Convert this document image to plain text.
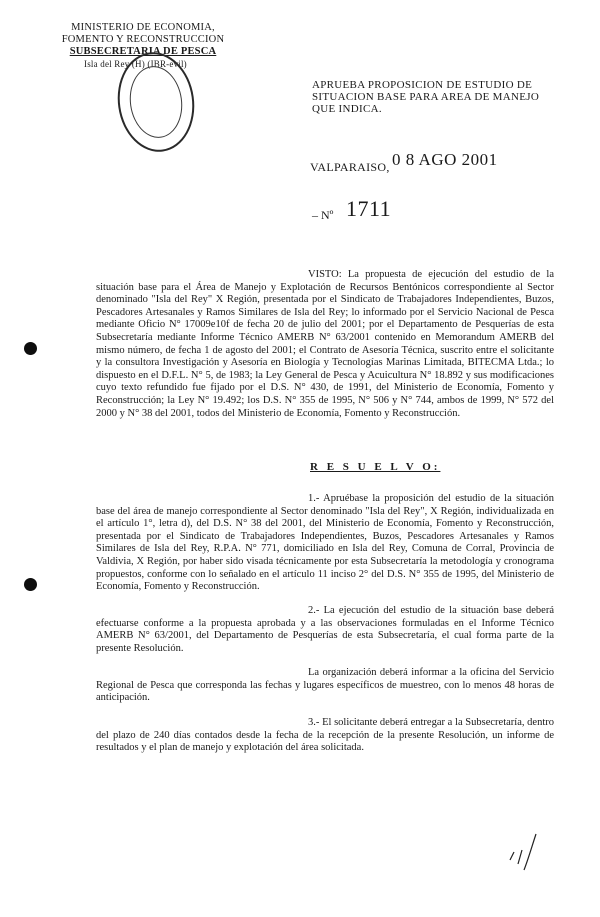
MINISTERIO DE ECONOMIA,
FOMENTO Y RECONSTRUCCION
SUBSECRETARIA DE PESCA
Isla del Rey (H) (IBR-evil)
APRUEBA PROPOSICION DE ESTUDIO DE SITUACION BASE PARA AREA DE MANEJO QUE INDICA.
VALPARAISO, 0 8 AGO 2001
– Nº 1711
VISTO: La propuesta de ejecución del estudio de la situación base para el Área de Manejo y Explotación de Recursos Bentónicos correspondiente al Sector denominado "Isla del Rey" X Región, presentada por el Sindicato de Trabajadores Independientes, Buzos, Pescadores Artesanales y Ramos Similares de Isla del Rey; lo informado por el Servicio Nacional de Pesca mediante Oficio N° 17009e10f de fecha 20 de julio del 2001; por el Departamento de Pesquerías de esta Subsecretaría mediante Informe Técnico AMERB N° 63/2001 contenido en Memorandum AMERB del mismo número, de fecha 1 de agosto del 2001; el Contrato de Asesoría Técnica, suscrito entre el solicitante y la consultora Investigación y Asesoría en Biología y Tecnologías Marinas Limitada, BITECMA Ltda.; lo dispuesto en el D.F.L. N° 5, de 1983; la Ley General de Pesca y Acuicultura N° 18.892 y sus modificaciones cuyo texto refundido fue fijado por el D.S. N° 430, de 1991, del Ministerio de Economía, Fomento y Reconstrucción; la Ley N° 19.492; los D.S. N° 355 de 1995, N° 506 y N° 744, ambos de 1999, N° 572 del 2000 y N° 38 del 2001, todos del Ministerio de Economía, Fomento y Reconstrucción.
R E S U E L V O:
1.- Apruébase la proposición del estudio de la situación base del área de manejo correspondiente al Sector denominado "Isla del Rey", X Región, individualizada en el artículo 1°, letra d), del D.S. N° 38 del 2001, del Ministerio de Economía, Fomento y Reconstrucción, presentada por el Sindicato de Trabajadores Independientes, Buzos, Pescadores Artesanales y Ramos Similares de Isla del Rey, R.P.A. N° 771, domiciliado en Isla del Rey, Comuna de Corral, Provincia de Valdivia, X Región, por haber sido visada técnicamente por esta Subsecretaría la metodología y cronograma propuestos, conforme con lo señalado en el artículo 11 inciso 2° del D.S. N° 355 de 1995, del Ministerio de Economía, Fomento y Reconstrucción.
2.- La ejecución del estudio de la situación base deberá efectuarse conforme a la propuesta aprobada y a las observaciones formuladas en el Informe Técnico AMERB N° 63/2001, del Departamento de Pesquerías de esta Subsecretaría, el cual forma parte de la presente Resolución.
La organización deberá informar a la oficina del Servicio Regional de Pesca que corresponda las fechas y lugares específicos de muestreo, con lo menos 48 horas de anticipación.
3.- El solicitante deberá entregar a la Subsecretaría, dentro del plazo de 240 días contados desde la fecha de la recepción de la presente Resolución, un informe de resultados y el plan de manejo y explotación del área solicitada.
